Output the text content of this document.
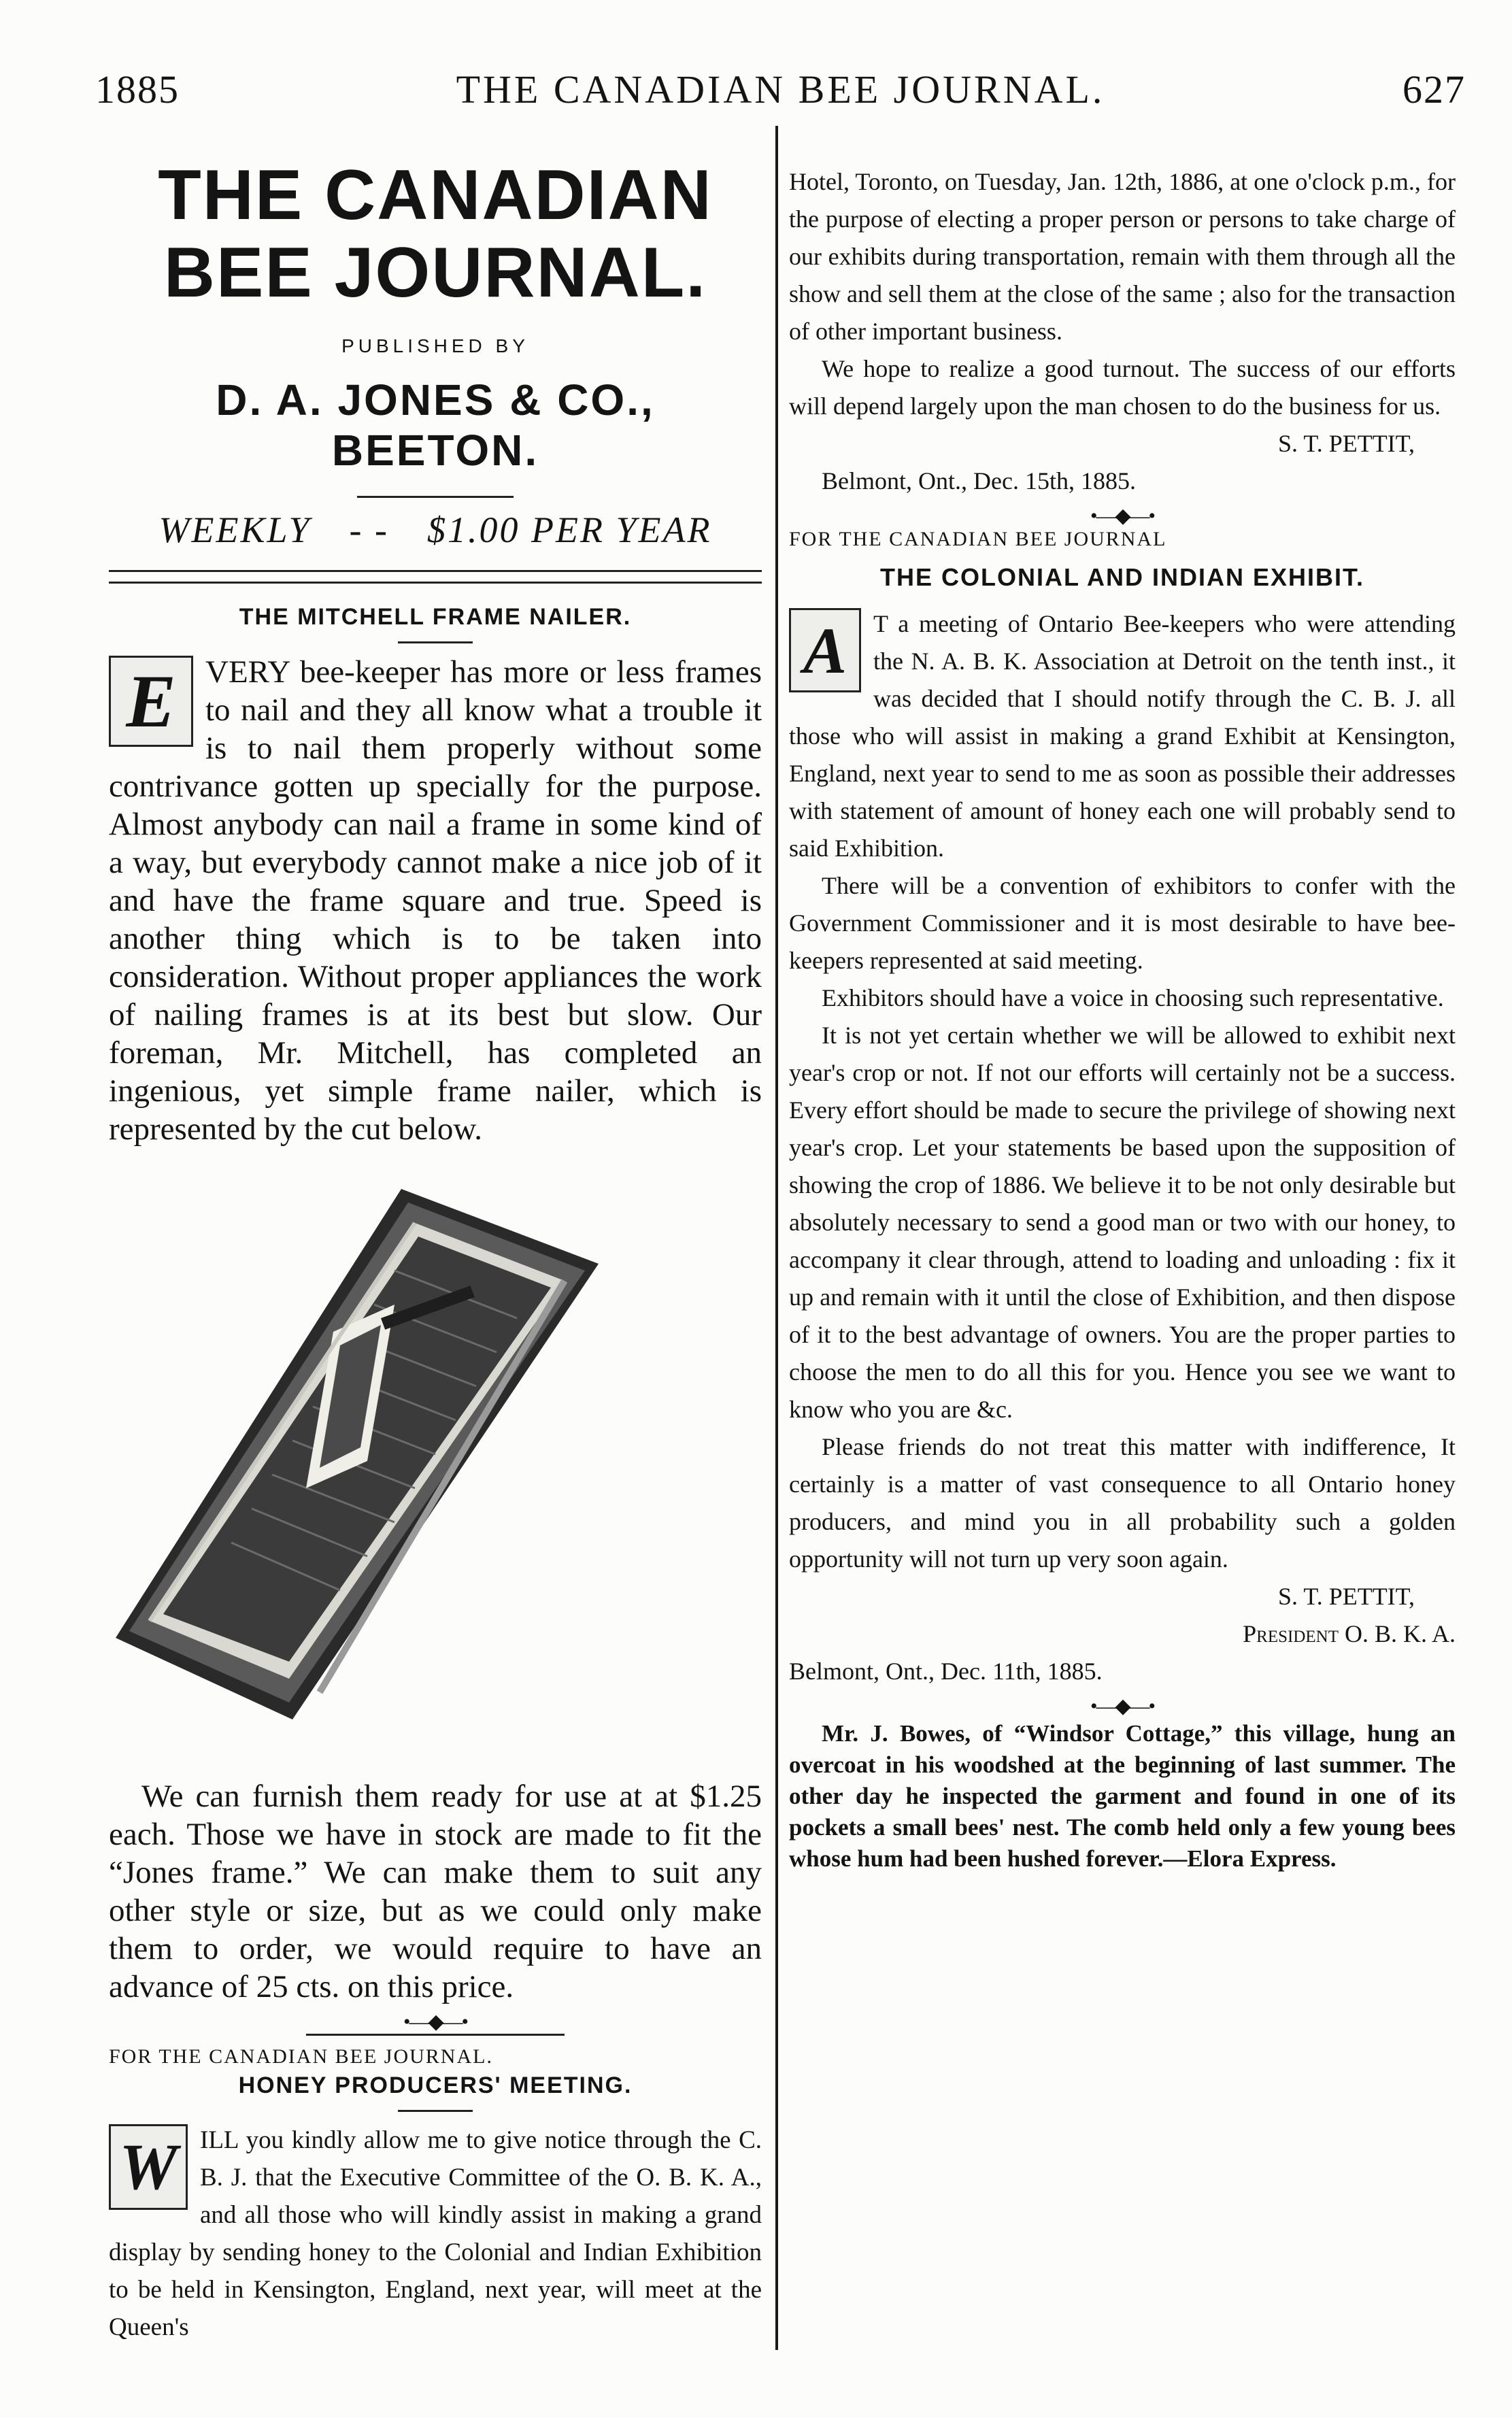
1885	THE CANADIAN BEE JOURNAL.	627
THE CANADIAN BEE JOURNAL.
PUBLISHED BY
D. A. JONES & CO., BEETON.
WEEKLY - - $1.00 PER YEAR
THE MITCHELL FRAME NAILER.
E VERY bee-keeper has more or less frames to nail and they all know what a trouble it is to nail them properly without some contrivance gotten up specially for the purpose. Almost anybody can nail a frame in some kind of a way, but everybody cannot make a nice job of it and have the frame square and true. Speed is another thing which is to be taken into consideration. Without proper appliances the work of nailing frames is at its best but slow. Our foreman, Mr. Mitchell, has completed an ingenious, yet simple frame nailer, which is represented by the cut below.

We can furnish them ready for use at at $1.25 each. Those we have in stock are made to fit the “Jones frame.” We can make them to suit any other style or size, but as we could only make them to order, we would require to have an advance of 25 cts. on this price.

•—◆—•
FOR THE CANADIAN BEE JOURNAL.
HONEY PRODUCERS' MEETING.
W ILL you kindly allow me to give notice through the C. B. J. that the Executive Committee of the O. B. K. A., and all those who will kindly assist in making a grand display by sending honey to the Colonial and Indian Exhibition to be held in Kensington, England, next year, will meet at the Queen's

Hotel, Toronto, on Tuesday, Jan. 12th, 1886, at one o'clock p.m., for the purpose of electing a proper person or persons to take charge of our exhibits during transportation, remain with them through all the show and sell them at the close of the same ; also for the transaction of other important business.

We hope to realize a good turnout. The success of our efforts will depend largely upon the man chosen to do the business for us.

S. T. PETTIT,

Belmont, Ont., Dec. 15th, 1885.

•—◆—•
FOR THE CANADIAN BEE JOURNAL
THE COLONIAL AND INDIAN EXHIBIT.
A	T a meeting of Ontario Bee-keepers who were attending the N. A. B. K. Association at Detroit on the tenth inst., it was decided that I should notify through the C. B. J. all those who will assist in making a grand Exhibit at Kensington, England, next year to send to me as soon as possible their addresses with statement of amount of honey each one will probably send to said Exhibition.

There will be a convention of exhibitors to confer with the Government Commissioner and it is most desirable to have bee-keepers represented at said meeting.

Exhibitors should have a voice in choosing such representative.

It is not yet certain whether we will be allowed to exhibit next year's crop or not. If not our efforts will certainly not be a success. Every effort should be made to secure the privilege of showing next year's crop. Let your statements be based upon the supposition of showing the crop of 1886. We believe it to be not only desirable but absolutely necessary to send a good man or two with our honey, to accompany it clear through, attend to loading and unloading : fix it up and remain with it until the close of Exhibition, and then dispose of it to the best advantage of owners. You are the proper parties to choose the men to do all this for you. Hence you see we want to know who you are &c.

Please friends do not treat this matter with indifference, It certainly is a matter of vast consequence to all Ontario honey producers, and mind you in all probability such a golden opportunity will not turn up very soon again.

S. T. PETTIT,

President O. B. K. A.

Belmont, Ont., Dec. 11th, 1885.

•—◆—•

Mr. J. Bowes, of “Windsor Cottage,” this village, hung an overcoat in his woodshed at the beginning of last summer. The other day he inspected the garment and found in one of its pockets a small bees' nest. The comb held only a few young bees whose hum had been hushed forever.—Elora Express.
